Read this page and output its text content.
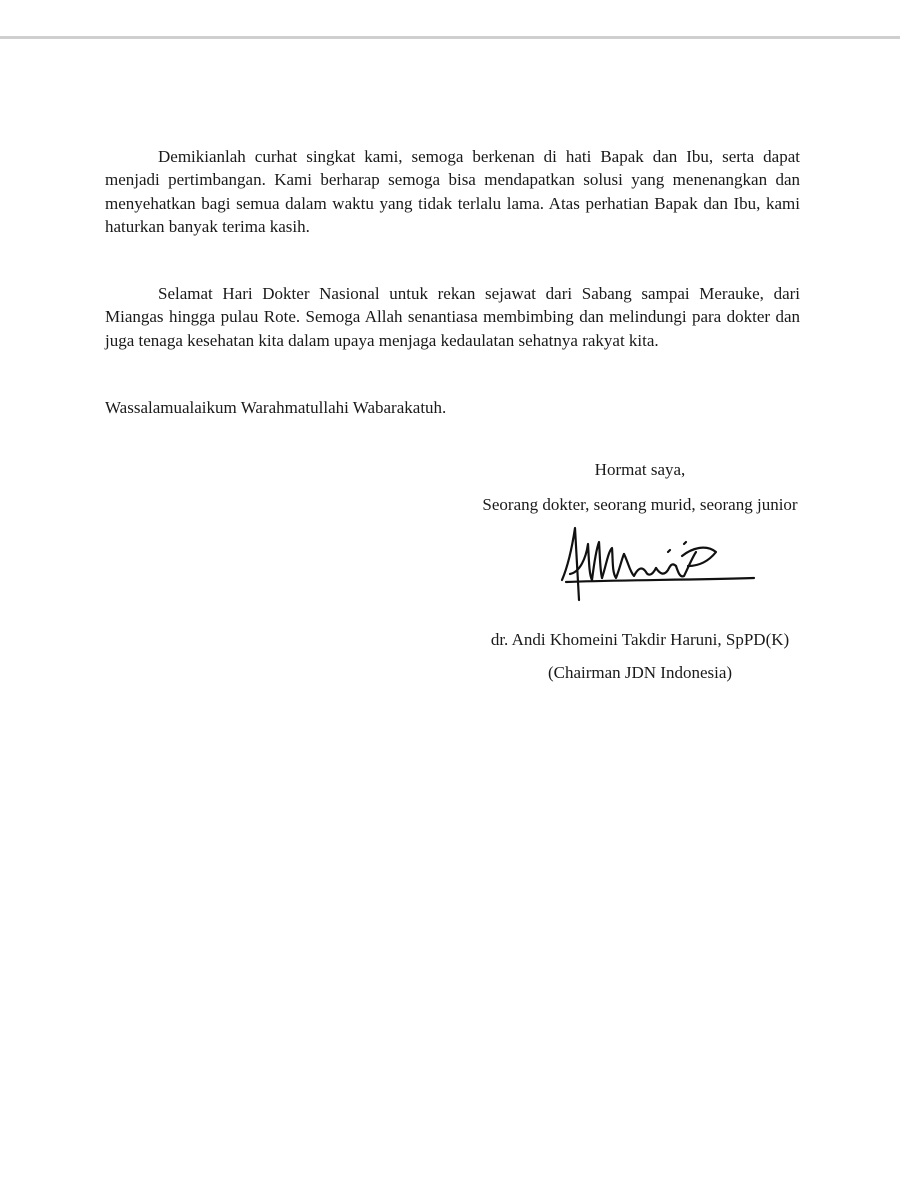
Demikianlah curhat singkat kami, semoga berkenan di hati Bapak dan Ibu, serta dapat menjadi pertimbangan. Kami berharap semoga bisa mendapatkan solusi yang menenangkan dan menyehatkan bagi semua dalam waktu yang tidak terlalu lama. Atas perhatian Bapak dan Ibu, kami haturkan banyak terima kasih.

Selamat Hari Dokter Nasional untuk rekan sejawat dari Sabang sampai Merauke, dari Miangas hingga pulau Rote. Semoga Allah senantiasa membimbing dan melindungi para dokter dan juga tenaga kesehatan kita dalam upaya menjaga kedaulatan sehatnya rakyat kita.

Wassalamualaikum Warahmatullahi Wabarakatuh.

Hormat saya,

Seorang dokter, seorang murid, seorang junior

dr. Andi Khomeini Takdir Haruni, SpPD(K)

(Chairman JDN Indonesia)
